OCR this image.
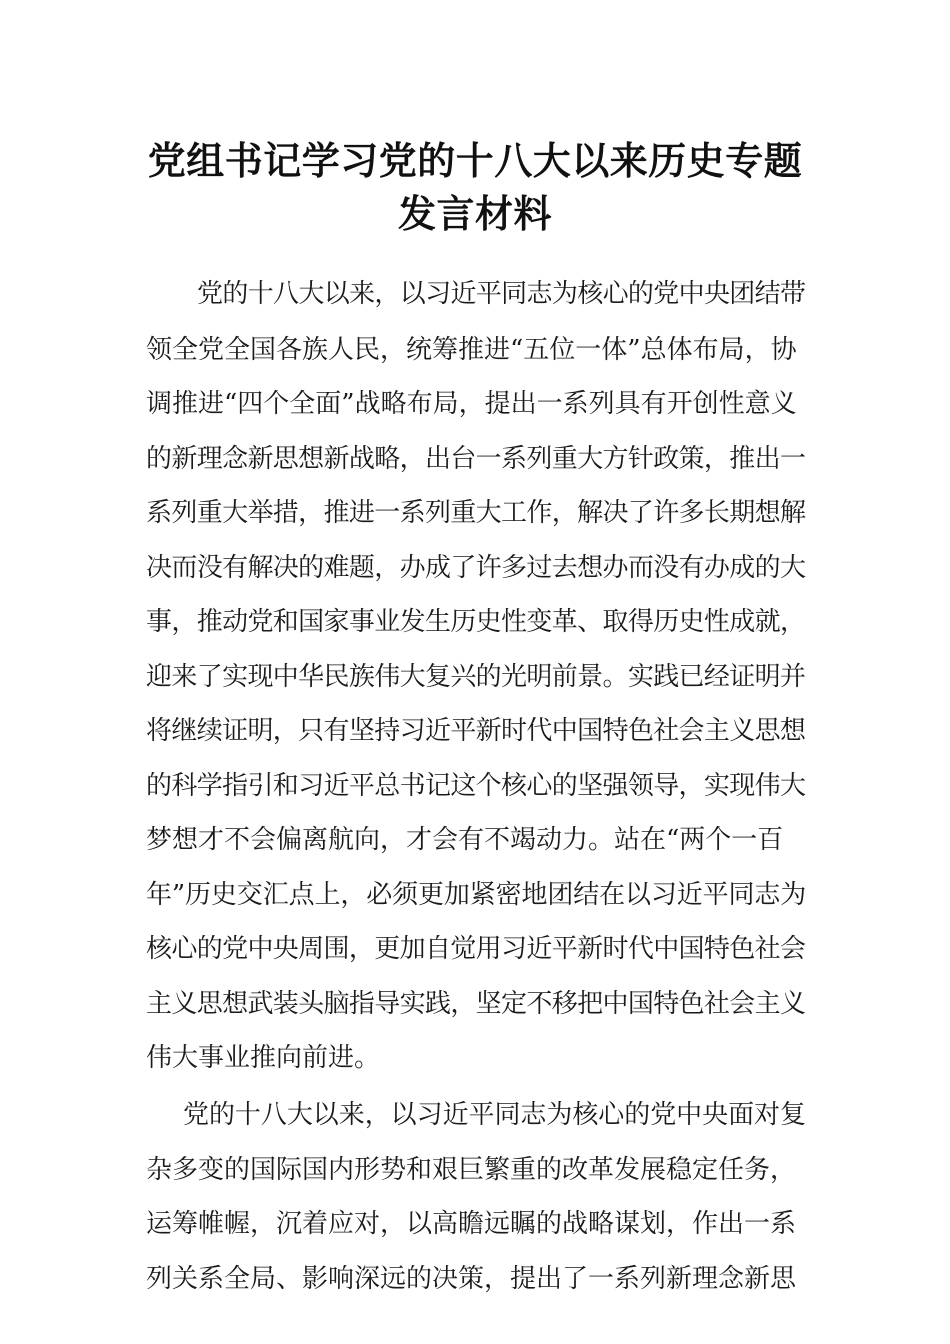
党组书记学习党的十八大以来历史专题
发言材料
党的十八大以来，以习近平同志为核心的党中央团结带
领全党全国各族人民，统筹推进“五位一体”总体布局，协
调推进“四个全面”战略布局，提出一系列具有开创性意义
的新理念新思想新战略，出台一系列重大方针政策，推出一
系列重大举措，推进一系列重大工作，解决了许多长期想解
决而没有解决的难题，办成了许多过去想办而没有办成的大
事，推动党和国家事业发生历史性变革、取得历史性成就，
迎来了实现中华民族伟大复兴的光明前景。实践已经证明并
将继续证明，只有坚持习近平新时代中国特色社会主义思想
的科学指引和习近平总书记这个核心的坚强领导，实现伟大
梦想才不会偏离航向，才会有不竭动力。站在“两个一百
年”历史交汇点上，必须更加紧密地团结在以习近平同志为
核心的党中央周围，更加自觉用习近平新时代中国特色社会
主义思想武装头脑指导实践，坚定不移把中国特色社会主义
伟大事业推向前进。
党的十八大以来，以习近平同志为核心的党中央面对复
杂多变的国际国内形势和艰巨繁重的改革发展稳定任务，
运筹帷幄，沉着应对，以高瞻远瞩的战略谋划，作出一系
列关系全局、影响深远的决策，提出了一系列新理念新思
